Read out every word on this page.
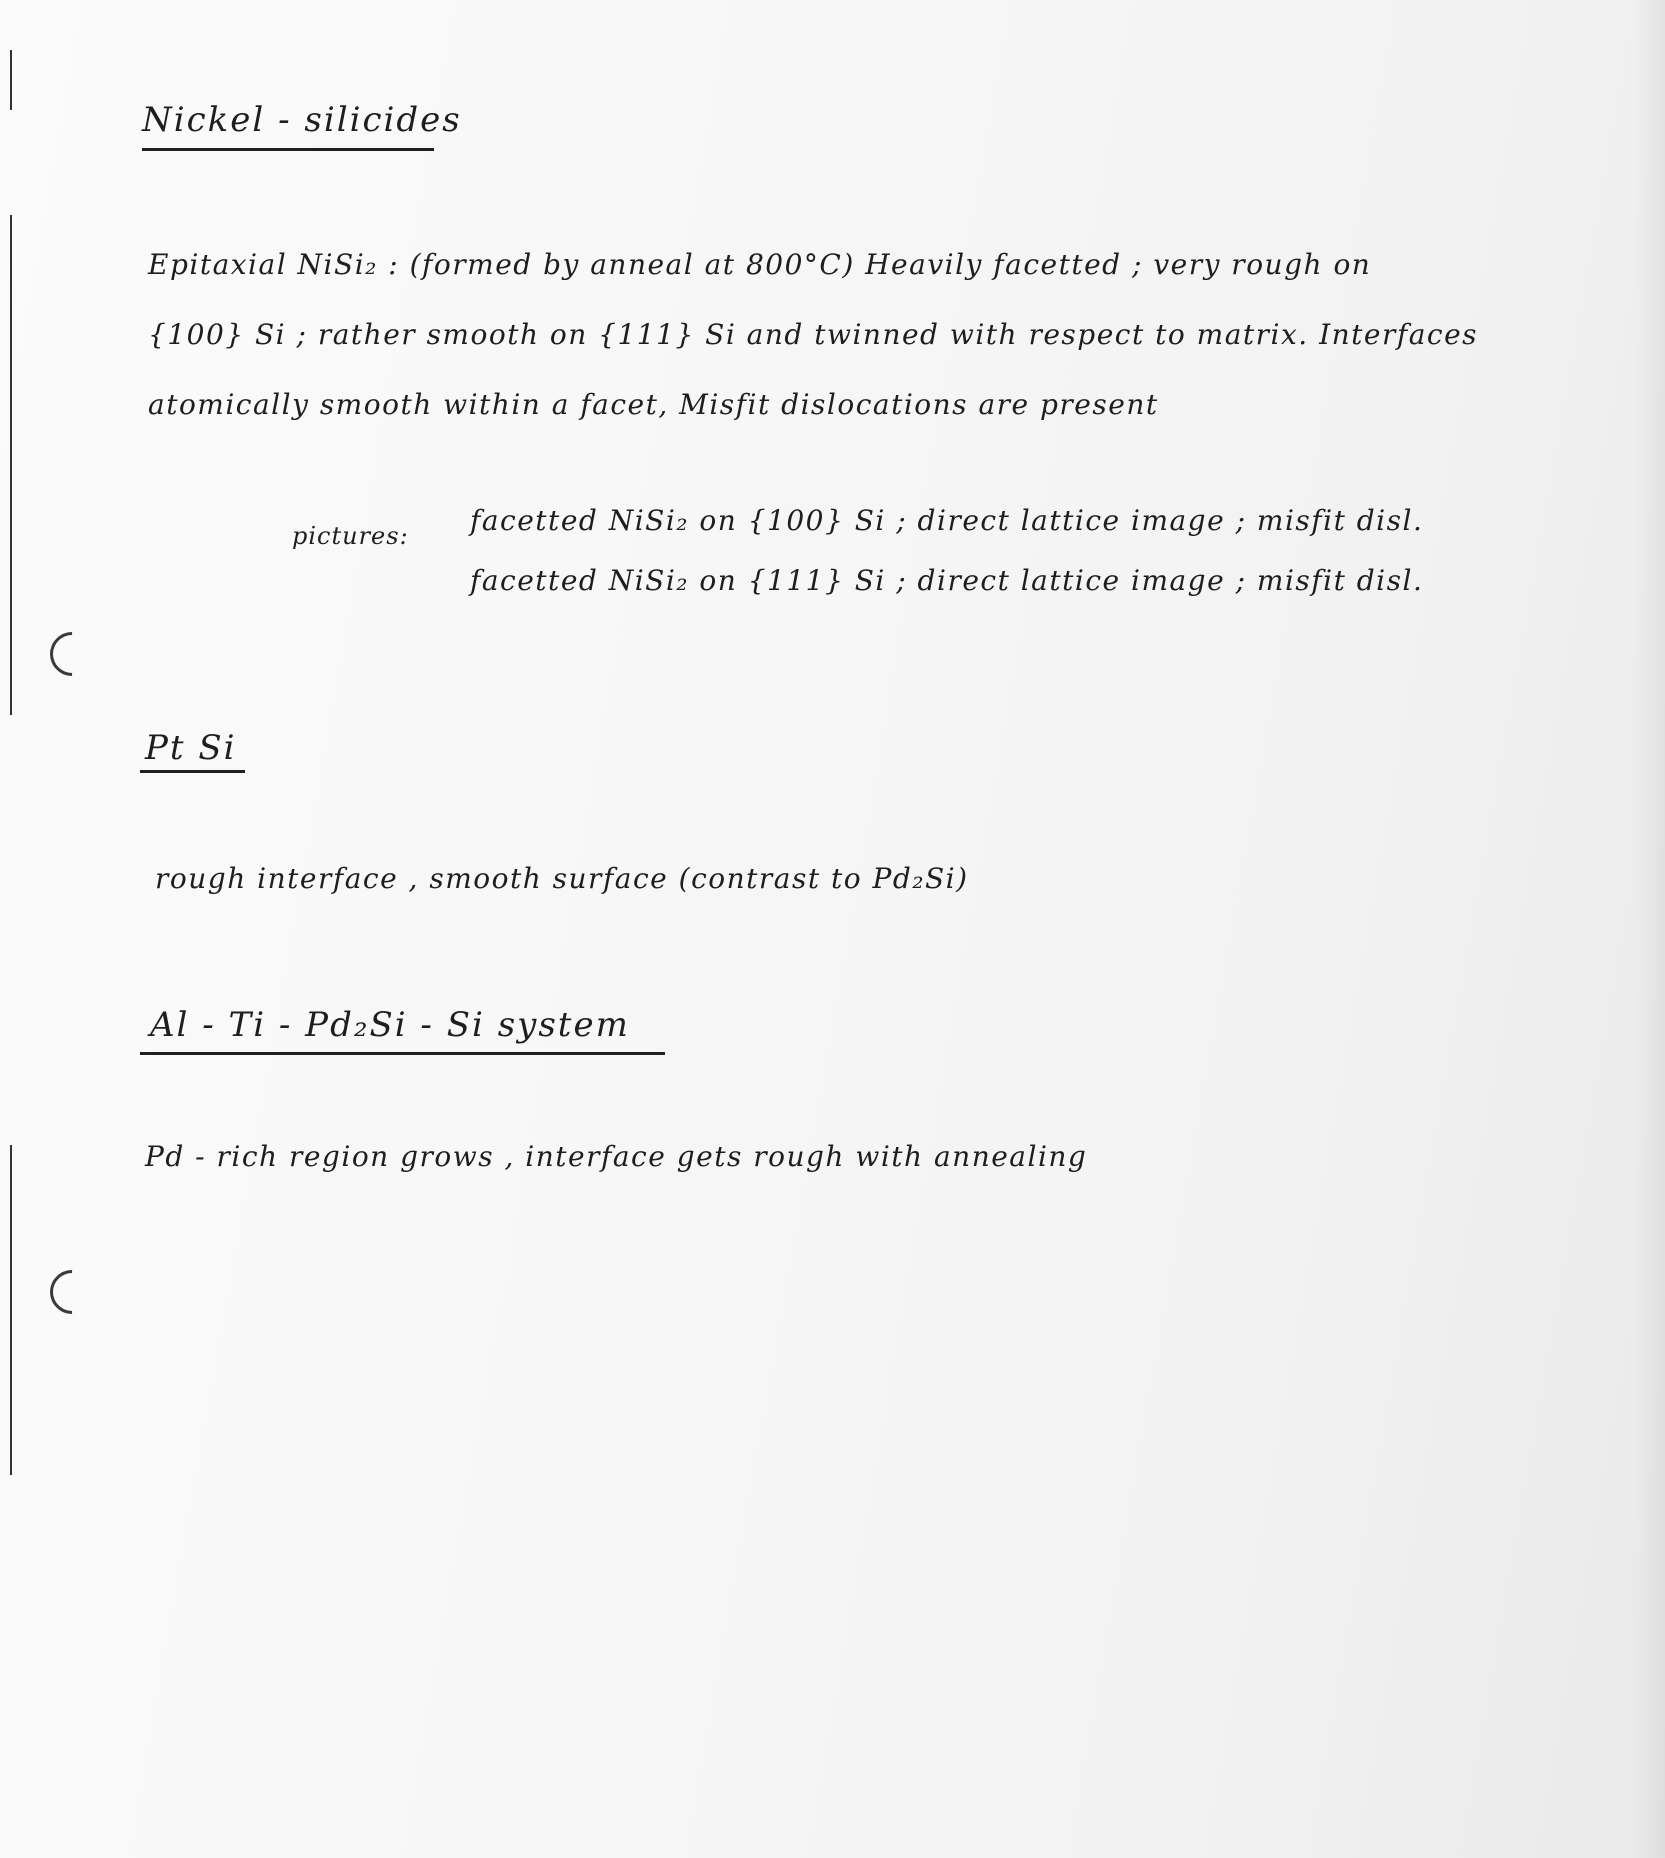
Nickel - silicides
Epitaxial NiSi₂ : (formed by anneal at 800°C) Heavily facetted ; very rough on
{100} Si ; rather smooth on {111} Si and twinned with respect to matrix. Interfaces
atomically smooth within a facet, Misfit dislocations are present
pictures: facetted NiSi₂ on {100} Si ; direct lattice image ; misfit disl.
facetted NiSi₂ on {111} Si ; direct lattice image ; misfit disl.
Pt Si
rough interface , smooth surface (contrast to Pd₂Si)
Al - Ti - Pd₂Si - Si system
Pd - rich region grows , interface gets rough with annealing
